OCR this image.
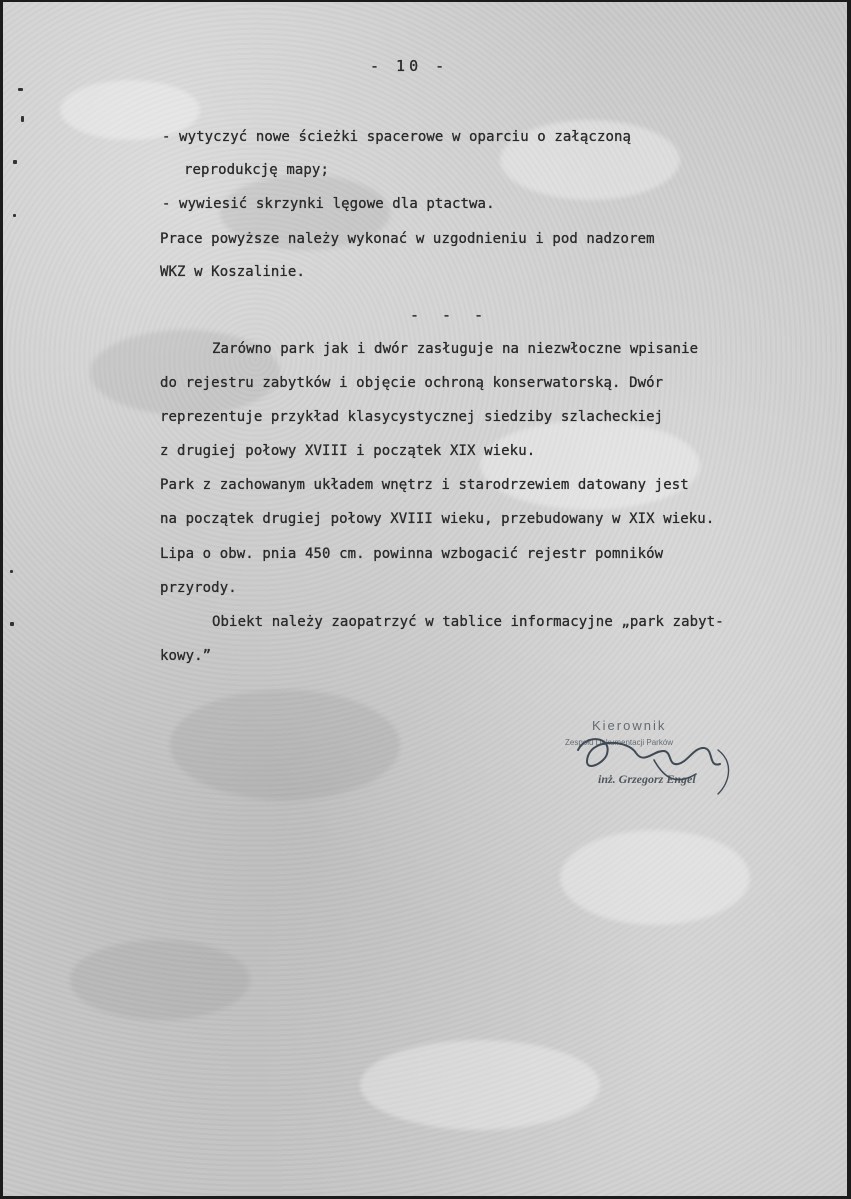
- 10 -
- wytyczyć nowe ścieżki spacerowe w oparciu o załączoną
reprodukcję mapy;
- wywiesić skrzynki lęgowe dla ptactwa.
Prace powyższe należy wykonać w uzgodnieniu i pod nadzorem
WKZ w Koszalinie.
- - -
Zarówno park jak i dwór zasługuje na niezwłoczne wpisanie
do rejestru zabytków i objęcie ochroną konserwatorską. Dwór
reprezentuje przykład klasycystycznej siedziby szlacheckiej
z drugiej połowy XVIII i początek XIX wieku.
Park z zachowanym układem wnętrz i starodrzewiem datowany jest
na początek drugiej połowy XVIII wieku, przebudowany w XIX wieku.
Lipa o obw. pnia 450 cm. powinna wzbogacić rejestr pomników
przyrody.
Obiekt należy zaopatrzyć w tablice informacyjne „park zabyt-
kowy.”
Kierownik
Zespołu Dokumentacji Parków
inż. Grzegorz Engel
